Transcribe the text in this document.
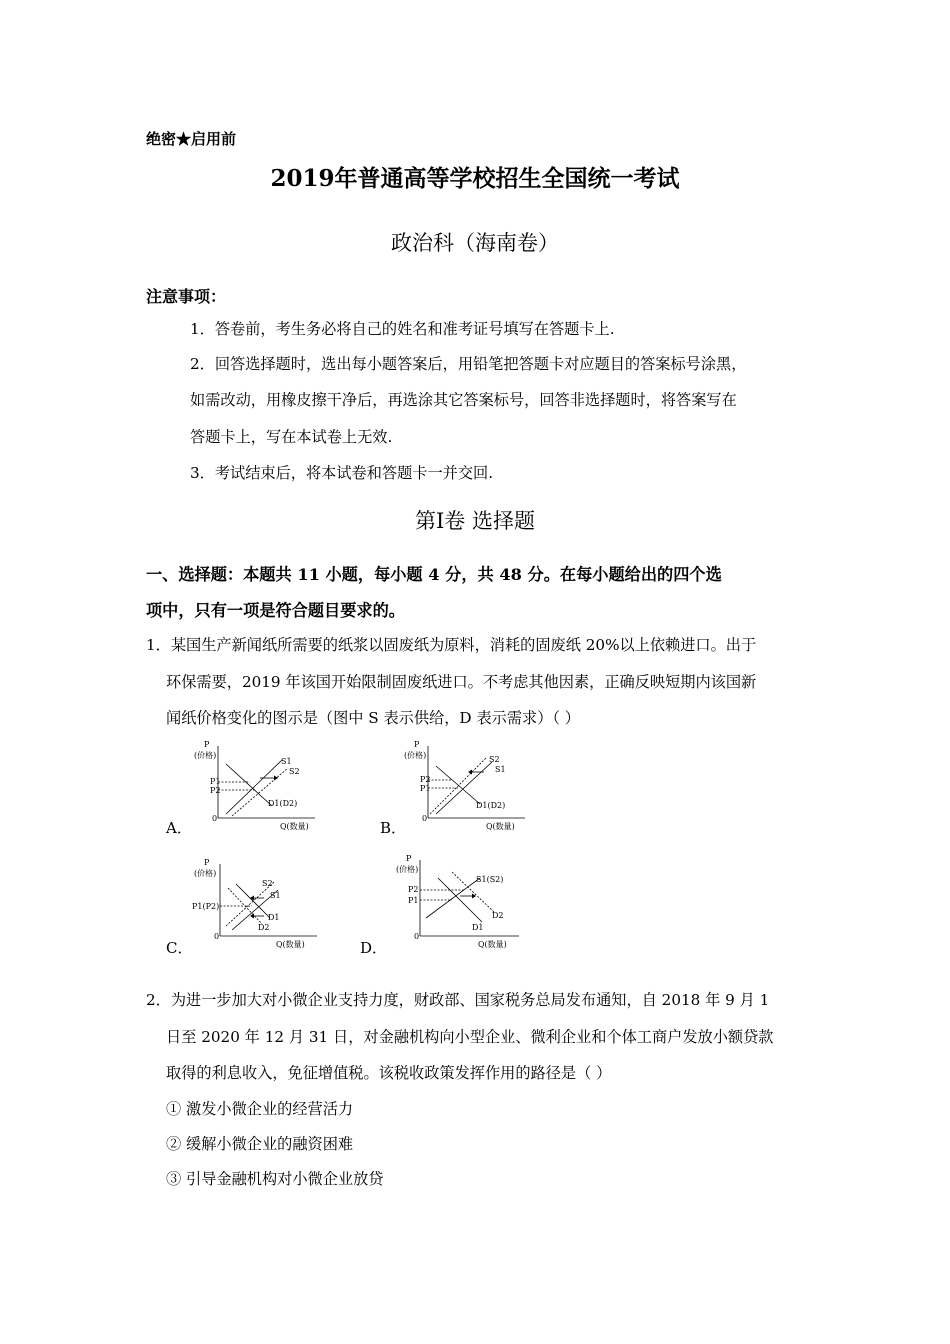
绝密★启用前
2019年普通高等学校招生全国统一考试
政治科（海南卷）
注意事项：
1．答卷前，考生务必将自己的姓名和准考证号填写在答题卡上.
2．回答选择题时，选出每小题答案后，用铅笔把答题卡对应题目的答案标号涂黑，
如需改动，用橡皮擦干净后，再选涂其它答案标号，回答非选择题时，将答案写在
答题卡上，写在本试卷上无效.
3．考试结束后，将本试卷和答题卡一并交回.
第Ⅰ卷 选择题
一、选择题：本题共 11 小题，每小题 4 分，共 48 分。在每小题给出的四个选
项中，只有一项是符合题目要求的。
1．某国生产新闻纸所需要的纸浆以固废纸为原料，消耗的固废纸 20%以上依赖进口。出于
环保需要，2019 年该国开始限制固废纸进口。不考虑其他因素，正确反映短期内该国新
闻纸价格变化的图示是（图中 S 表示供给，D 表示需求）（ ）
P
(价格)
0
Q(数量)
S1
S2
P1
P2
D1(D2)
A．
P
(价格)
0
Q(数量)
S2
S1
P2
P1
D1(D2)
B．
P
(价格)
0
Q(数量)
S2
S1
P1(P2)
D1
D2
C．
P
(价格)
0
Q(数量)
S1(S2)
P2
P1
D2
D1
D．
2．为进一步加大对小微企业支持力度，财政部、国家税务总局发布通知，自 2018 年 9 月 1
日至 2020 年 12 月 31 日，对金融机构向小型企业、微利企业和个体工商户发放小额贷款
取得的利息收入，免征增值税。该税收政策发挥作用的路径是（ ）
① 激发小微企业的经营活力
② 缓解小微企业的融资困难
③ 引导金融机构对小微企业放贷
